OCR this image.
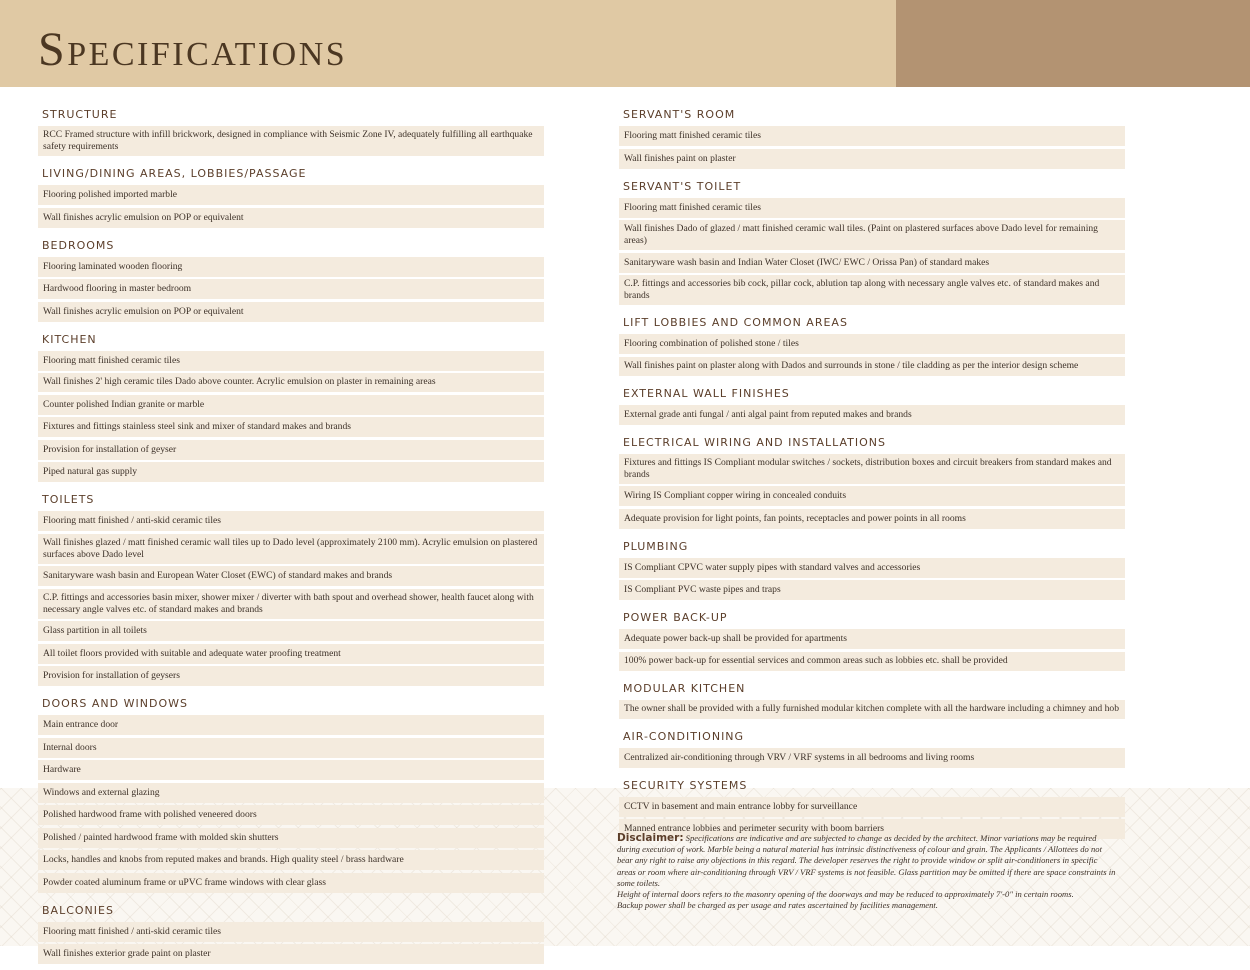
Specifications
STRUCTURE
RCC Framed structure with infill brickwork, designed in compliance with Seismic Zone IV, adequately fulfilling all earthquake safety requirements
LIVING/DINING AREAS, LOBBIES/PASSAGE
Flooring polished imported marble
Wall finishes acrylic emulsion on POP or equivalent
BEDROOMS
Flooring laminated wooden flooring
Hardwood flooring in master bedroom
Wall finishes acrylic emulsion on POP or equivalent
KITCHEN
Flooring matt finished ceramic tiles
Wall finishes 2' high ceramic tiles Dado above counter. Acrylic emulsion on plaster in remaining areas
Counter polished Indian granite or marble
Fixtures and fittings stainless steel sink and mixer of standard makes and brands
Provision for installation of geyser
Piped natural gas supply
TOILETS
Flooring matt finished / anti-skid ceramic tiles
Wall finishes glazed / matt finished ceramic wall tiles up to Dado level (approximately 2100 mm). Acrylic emulsion on plastered surfaces above Dado level
Sanitaryware wash basin and European Water Closet (EWC) of standard makes and brands
C.P. fittings and accessories basin mixer, shower mixer / diverter with bath spout and overhead shower, health faucet along with necessary angle valves etc. of standard makes and brands
Glass partition in all toilets
All toilet floors provided with suitable and adequate water proofing treatment
Provision for installation of geysers
DOORS AND WINDOWS
Main entrance door
Internal doors
Hardware
Windows and external glazing
Polished hardwood frame with polished veneered doors
Polished / painted hardwood frame with molded skin shutters
Locks, handles and knobs from reputed makes and brands. High quality steel / brass hardware
Powder coated aluminum frame or uPVC frame windows with clear glass
BALCONIES
Flooring matt finished / anti-skid ceramic tiles
Wall finishes exterior grade paint on plaster
SERVANT'S ROOM
Flooring matt finished ceramic tiles
Wall finishes paint on plaster
SERVANT'S TOILET
Flooring matt finished ceramic tiles
Wall finishes Dado of glazed / matt finished ceramic wall tiles. (Paint on plastered surfaces above Dado level for remaining areas)
Sanitaryware wash basin and Indian Water Closet (IWC/ EWC / Orissa Pan) of standard makes
C.P. fittings and accessories bib cock, pillar cock, ablution tap along with necessary angle valves etc. of standard makes and brands
LIFT LOBBIES AND COMMON AREAS
Flooring combination of polished stone / tiles
Wall finishes paint on plaster along with Dados and surrounds in stone / tile cladding as per the interior design scheme
EXTERNAL WALL FINISHES
External grade anti fungal / anti algal paint from reputed makes and brands
ELECTRICAL WIRING AND INSTALLATIONS
Fixtures and fittings IS Compliant modular switches / sockets, distribution boxes and circuit breakers from standard makes and brands
Wiring IS Compliant copper wiring in concealed conduits
Adequate provision for light points, fan points, receptacles and power points in all rooms
PLUMBING
IS Compliant CPVC water supply pipes with standard valves and accessories
IS Compliant PVC waste pipes and traps
POWER BACK-UP
Adequate power back-up shall be provided for apartments
100% power back-up for essential services and common areas such as lobbies etc. shall be provided
MODULAR KITCHEN
The owner shall be provided with a fully furnished modular kitchen complete with all the hardware including a chimney and hob
AIR-CONDITIONING
Centralized air-conditioning through VRV / VRF systems in all bedrooms and living rooms
SECURITY SYSTEMS
CCTV in basement and main entrance lobby for surveillance
Manned entrance lobbies and perimeter security with boom barriers
Disclaimer: Specifications are indicative and are subjected to change as decided by the architect. Minor variations may be required during execution of work. Marble being a natural material has intrinsic distinctiveness of colour and grain. The Applicants / Allottees do not bear any right to raise any objections in this regard. The developer reserves the right to provide window or split air-conditioners in specific areas or room where air-conditioning through VRV / VRF systems is not feasible. Glass partition may be omitted if there are space constraints in some toilets.
Height of internal doors refers to the masonry opening of the doorways and may be reduced to approximately 7'-0" in certain rooms.
Backup power shall be charged as per usage and rates ascertained by facilities management.
